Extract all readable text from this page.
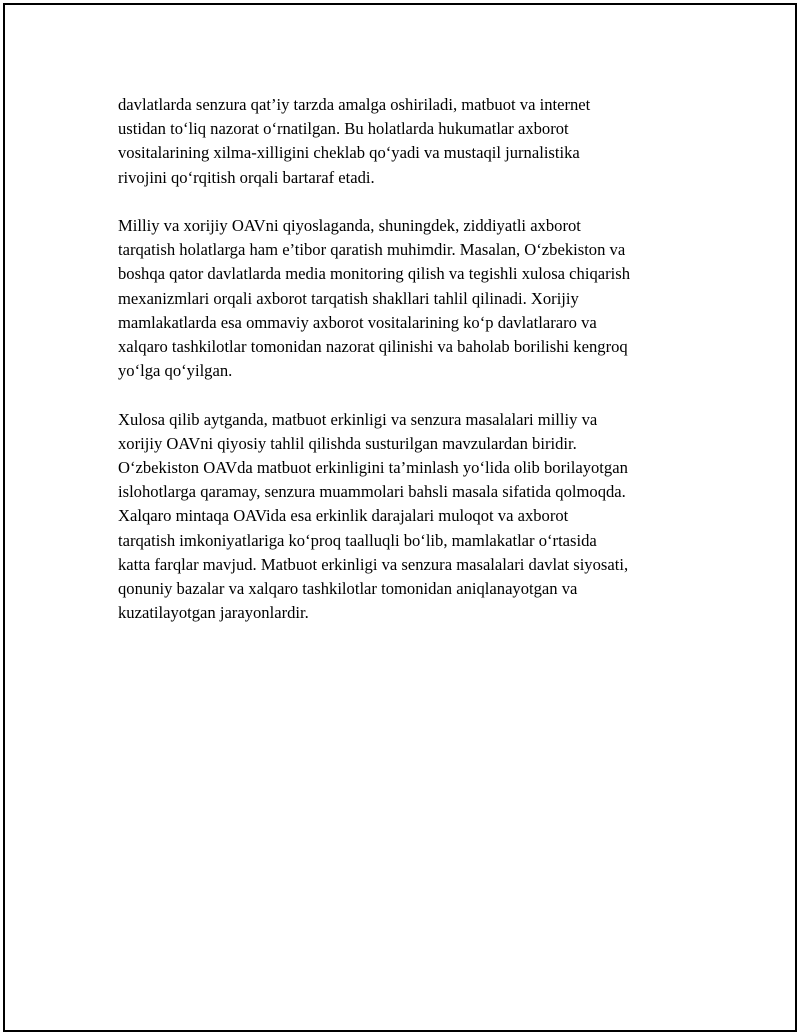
davlatlarda senzura qat’iy tarzda amalga oshiriladi, matbuot va internet
ustidan to‘liq nazorat o‘rnatilgan. Bu holatlarda hukumatlar axborot
vositalarining xilma-xilligini cheklab qo‘yadi va mustaqil jurnalistika
rivojini qo‘rqitish orqali bartaraf etadi.

Milliy va xorijiy OAVni qiyoslaganda, shuningdek, ziddiyatli axborot
tarqatish holatlarga ham e’tibor qaratish muhimdir. Masalan, O‘zbekiston va
boshqa qator davlatlarda media monitoring qilish va tegishli xulosa chiqarish
mexanizmlari orqali axborot tarqatish shakllari tahlil qilinadi. Xorijiy
mamlakatlarda esa ommaviy axborot vositalarining ko‘p davlatlararo va
xalqaro tashkilotlar tomonidan nazorat qilinishi va baholab borilishi kengroq
yo‘lga qo‘yilgan.

Xulosa qilib aytganda, matbuot erkinligi va senzura masalalari milliy va
xorijiy OAVni qiyosiy tahlil qilishda susturilgan mavzulardan biridir.
O‘zbekiston OAVda matbuot erkinligini ta’minlash yo‘lida olib borilayotgan
islohotlarga qaramay, senzura muammolari bahsli masala sifatida qolmoqda.
Xalqaro mintaqa OAVida esa erkinlik darajalari muloqot va axborot
tarqatish imkoniyatlariga ko‘proq taalluqli bo‘lib, mamlakatlar o‘rtasida
katta farqlar mavjud. Matbuot erkinligi va senzura masalalari davlat siyosati,
qonuniy bazalar va xalqaro tashkilotlar tomonidan aniqlanayotgan va
kuzatilayotgan jarayonlardir.
